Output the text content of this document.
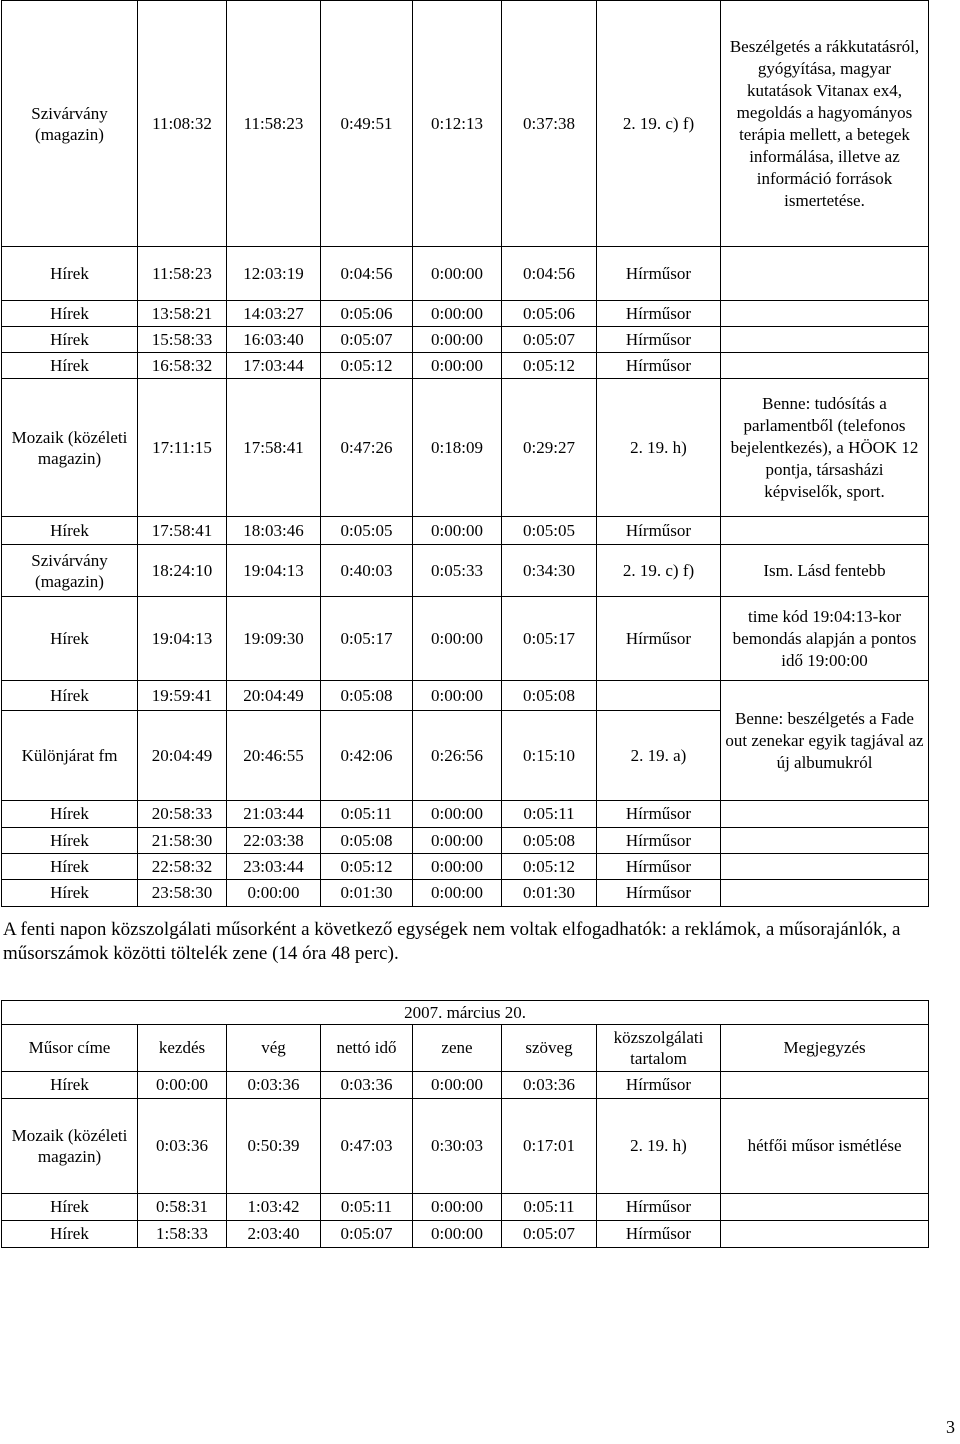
Szivárvány (magazin)	11:08:32	11:58:23	0:49:51	0:12:13	0:37:38	2. 19. c) f)	Beszélgetés a rákkutatásról, gyógyítása, magyar kutatások Vitanax ex4, megoldás a hagyományos terápia mellett, a betegek informálása, illetve az információ források ismertetése.
Hírek	11:58:23	12:03:19	0:04:56	0:00:00	0:04:56	Hírműsor	
Hírek	13:58:21	14:03:27	0:05:06	0:00:00	0:05:06	Hírműsor	
Hírek	15:58:33	16:03:40	0:05:07	0:00:00	0:05:07	Hírműsor	
Hírek	16:58:32	17:03:44	0:05:12	0:00:00	0:05:12	Hírműsor	
Mozaik (közéleti magazin)	17:11:15	17:58:41	0:47:26	0:18:09	0:29:27	2. 19. h)	Benne: tudósítás a parlamentből (telefonos bejelentkezés), a HÖOK 12 pontja, társasházi képviselők, sport.
Hírek	17:58:41	18:03:46	0:05:05	0:00:00	0:05:05	Hírműsor	
Szivárvány (magazin)	18:24:10	19:04:13	0:40:03	0:05:33	0:34:30	2. 19. c) f)	Ism. Lásd fentebb
Hírek	19:04:13	19:09:30	0:05:17	0:00:00	0:05:17	Hírműsor	time kód 19:04:13-kor bemondás alapján a pontos idő 19:00:00
Hírek	19:59:41	20:04:49	0:05:08	0:00:00	0:05:08		Benne: beszélgetés a Fade out zenekar egyik tagjával az új albumukról
Különjárat fm	20:04:49	20:46:55	0:42:06	0:26:56	0:15:10	2. 19. a)	
Hírek	20:58:33	21:03:44	0:05:11	0:00:00	0:05:11	Hírműsor	
Hírek	21:58:30	22:03:38	0:05:08	0:00:00	0:05:08	Hírműsor	
Hírek	22:58:32	23:03:44	0:05:12	0:00:00	0:05:12	Hírműsor	
Hírek	23:58:30	0:00:00	0:01:30	0:00:00	0:01:30	Hírműsor	

A fenti napon közszolgálati műsorként a következő egységek nem voltak elfogadhatók: a reklámok, a műsorajánlók, a műsorszámok közötti töltelék zene (14 óra 48 perc).

2007. március 20.							
Műsor címe	kezdés	vég	nettó idő	zene	szöveg	közszolgálati tartalom	Megjegyzés
Hírek	0:00:00	0:03:36	0:03:36	0:00:00	0:03:36	Hírműsor	
Mozaik (közéleti magazin)	0:03:36	0:50:39	0:47:03	0:30:03	0:17:01	2. 19. h)	hétfői műsor ismétlése
Hírek	0:58:31	1:03:42	0:05:11	0:00:00	0:05:11	Hírműsor	
Hírek	1:58:33	2:03:40	0:05:07	0:00:00	0:05:07	Hírműsor	
3
